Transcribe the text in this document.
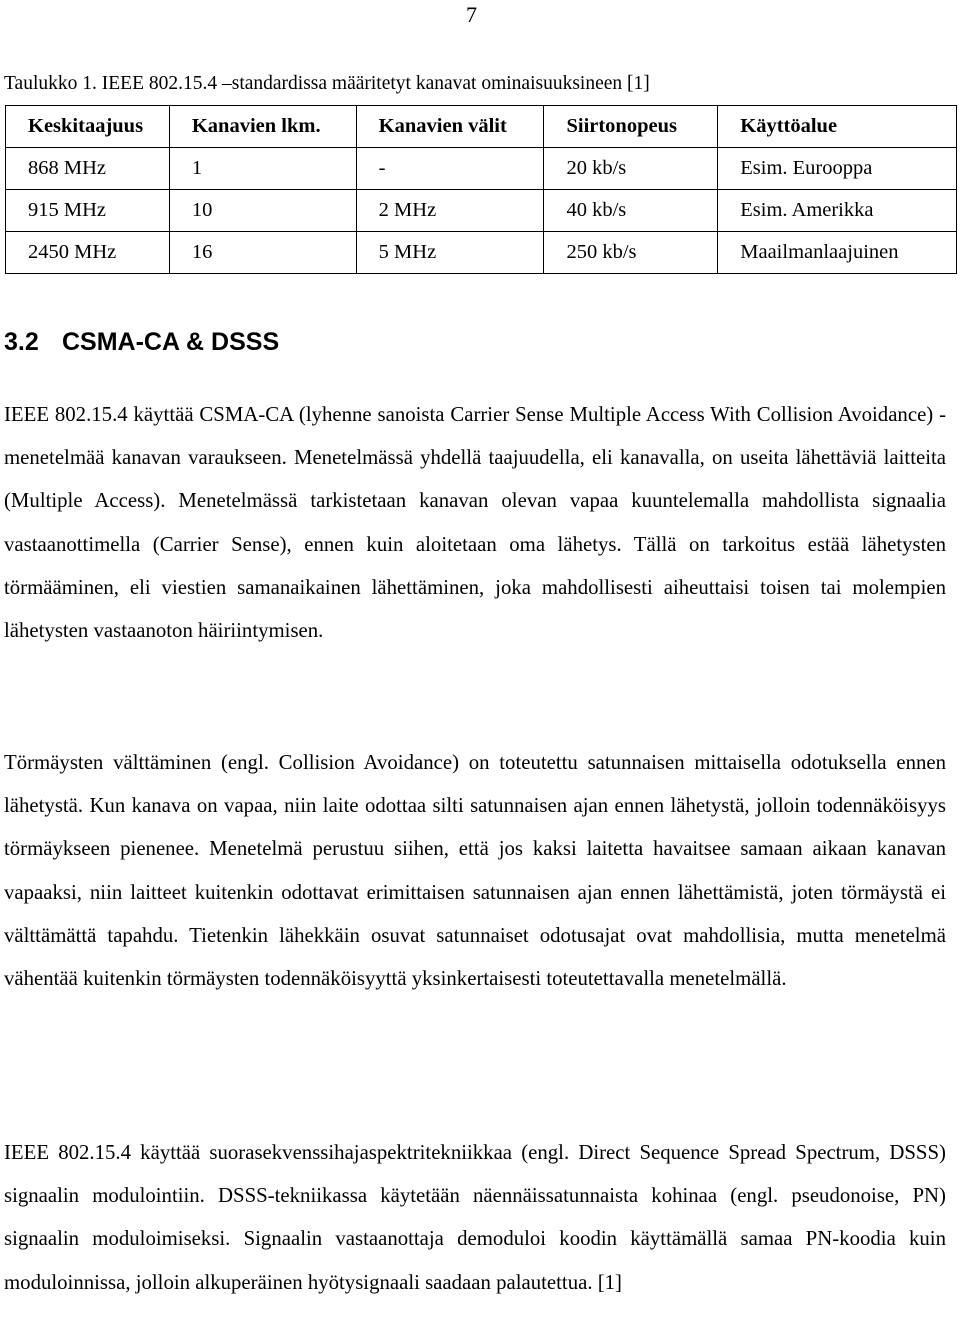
7
Taulukko 1. IEEE 802.15.4 –standardissa määritetyt kanavat ominaisuuksineen [1]
Keskitaajuus	Kanavien lkm.	Kanavien välit	Siirtonopeus	Käyttöalue
868 MHz	1	-	20 kb/s	Esim. Eurooppa
915 MHz	10	2 MHz	40 kb/s	Esim. Amerikka
2450 MHz	16	5 MHz	250 kb/s	Maailmanlaajuinen
3.2 CSMA-CA & DSSS

IEEE 802.15.4 käyttää CSMA-CA (lyhenne sanoista Carrier Sense Multiple Access With Collision Avoidance) -menetelmää kanavan varaukseen. Menetelmässä yhdellä taajuudella, eli kanavalla, on useita lähettäviä laitteita (Multiple Access). Menetelmässä tarkistetaan kanavan olevan vapaa kuuntelemalla mahdollista signaalia vastaanottimella (Carrier Sense), ennen kuin aloitetaan oma lähetys. Tällä on tarkoitus estää lähetysten törmääminen, eli viestien samanaikainen lähettäminen, joka mahdollisesti aiheuttaisi toisen tai molempien lähetysten vastaanoton häiriintymisen.

Törmäysten välttäminen (engl. Collision Avoidance) on toteutettu satunnaisen mittaisella odotuksella ennen lähetystä. Kun kanava on vapaa, niin laite odottaa silti satunnaisen ajan ennen lähetystä, jolloin todennäköisyys törmäykseen pienenee. Menetelmä perustuu siihen, että jos kaksi laitetta havaitsee samaan aikaan kanavan vapaaksi, niin laitteet kuitenkin odottavat erimittaisen satunnaisen ajan ennen lähettämistä, joten törmäystä ei välttämättä tapahdu. Tietenkin lähekkäin osuvat satunnaiset odotusajat ovat mahdollisia, mutta menetelmä vähentää kuitenkin törmäysten todennäköisyyttä yksinkertaisesti toteutettavalla menetelmällä.

IEEE 802.15.4 käyttää suorasekvenssihajaspektritekniikkaa (engl. Direct Sequence Spread Spectrum, DSSS) signaalin modulointiin. DSSS-tekniikassa käytetään näennäissatunnaista kohinaa (engl. pseudonoise, PN) signaalin moduloimiseksi. Signaalin vastaanottaja demoduloi koodin käyttämällä samaa PN-koodia kuin moduloinnissa, jolloin alkuperäinen hyötysignaali saadaan palautettua. [1]
